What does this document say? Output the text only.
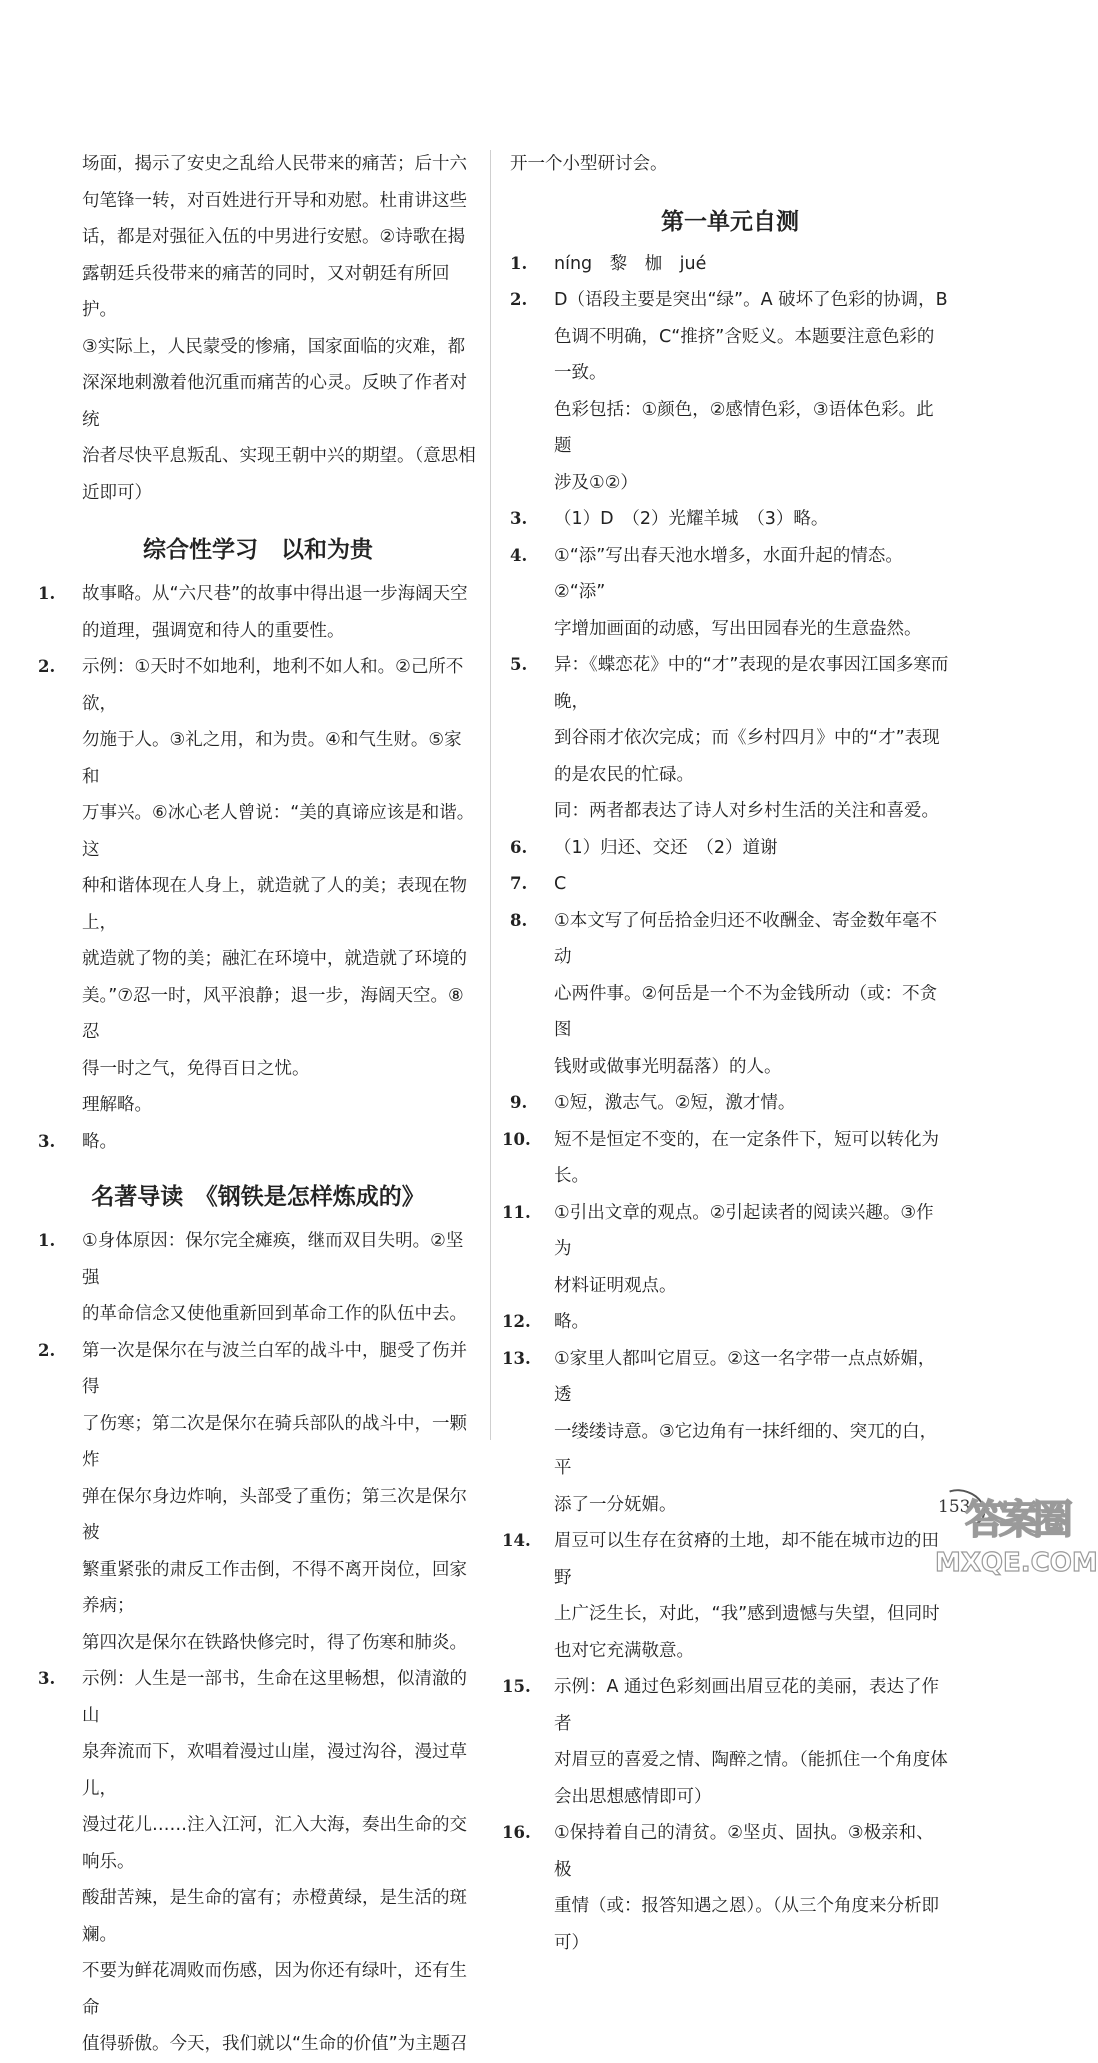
场面，揭示了安史之乱给人民带来的痛苦；后十六

句笔锋一转，对百姓进行开导和劝慰。杜甫讲这些

话，都是对强征入伍的中男进行安慰。②诗歌在揭

露朝廷兵役带来的痛苦的同时，又对朝廷有所回护。

③实际上，人民蒙受的惨痛，国家面临的灾难，都

深深地刺激着他沉重而痛苦的心灵。反映了作者对统

治者尽快平息叛乱、实现王朝中兴的期望。（意思相

近即可）

综合性学习　以和为贵
1. 故事略。从“六尺巷”的故事中得出退一步海阔天空

的道理，强调宽和待人的重要性。

2. 示例：①天时不如地利，地利不如人和。②己所不欲，

勿施于人。③礼之用，和为贵。④和气生财。⑤家和

万事兴。⑥冰心老人曾说：“美的真谛应该是和谐。这

种和谐体现在人身上，就造就了人的美；表现在物上，

就造就了物的美；融汇在环境中，就造就了环境的

美。”⑦忍一时，风平浪静；退一步，海阔天空。⑧忍

得一时之气，免得百日之忧。

理解略。

3. 略。

名著导读　《钢铁是怎样炼成的》
1. ①身体原因：保尔完全瘫痪，继而双目失明。②坚强

的革命信念又使他重新回到革命工作的队伍中去。

2. 第一次是保尔在与波兰白军的战斗中，腿受了伤并得

了伤寒；第二次是保尔在骑兵部队的战斗中，一颗炸

弹在保尔身边炸响，头部受了重伤；第三次是保尔被

繁重紧张的肃反工作击倒，不得不离开岗位，回家养病；

第四次是保尔在铁路快修完时，得了伤寒和肺炎。

3. 示例：人生是一部书，生命在这里畅想，似清澈的山

泉奔流而下，欢唱着漫过山崖，漫过沟谷，漫过草儿，

漫过花儿……注入江河，汇入大海，奏出生命的交响乐。

酸甜苦辣，是生命的富有；赤橙黄绿，是生活的斑斓。

不要为鲜花凋败而伤感，因为你还有绿叶，还有生命

值得骄傲。今天，我们就以“生命的价值”为主题召

开一个小型研讨会。

第一单元自测
1. níng　黎　枷　jué

2. D（语段主要是突出“绿”。A 破坏了色彩的协调，B

色调不明确，C“推挤”含贬义。本题要注意色彩的一致。

色彩包括：①颜色，②感情色彩，③语体色彩。此题

涉及①②）

3. （1）D　（2）光耀羊城　（3）略。

4. ①“添”写出春天池水增多，水面升起的情态。　②“添”

字增加画面的动感，写出田园春光的生意盎然。

5. 异：《蝶恋花》中的“才”表现的是农事因江国多寒而晚，

到谷雨才依次完成；而《乡村四月》中的“才”表现

的是农民的忙碌。

同：两者都表达了诗人对乡村生活的关注和喜爱。

6. （1）归还、交还　（2）道谢

7. C

8. ①本文写了何岳拾金归还不收酬金、寄金数年毫不动

心两件事。②何岳是一个不为金钱所动（或：不贪图

钱财或做事光明磊落）的人。

9. ①短，激志气。②短，激才情。

10. 短不是恒定不变的，在一定条件下，短可以转化为长。

11. ①引出文章的观点。②引起读者的阅读兴趣。③作为

材料证明观点。

12. 略。

13. ①家里人都叫它眉豆。②这一名字带一点点娇媚，透

一缕缕诗意。③它边角有一抹纤细的、突兀的白，平

添了一分妩媚。

14. 眉豆可以生存在贫瘠的土地，却不能在城市边的田野

上广泛生长，对此，“我”感到遗憾与失望，但同时

也对它充满敬意。

15. 示例：A 通过色彩刻画出眉豆花的美丽，表达了作者

对眉豆的喜爱之情、陶醉之情。（能抓住一个角度体

会出思想感情即可）

16. ①保持着自己的清贫。②坚贞、固执。③极亲和、极

重情（或：报答知遇之恩）。（从三个角度来分析即可）

153
答案圈
MXQE.COM
